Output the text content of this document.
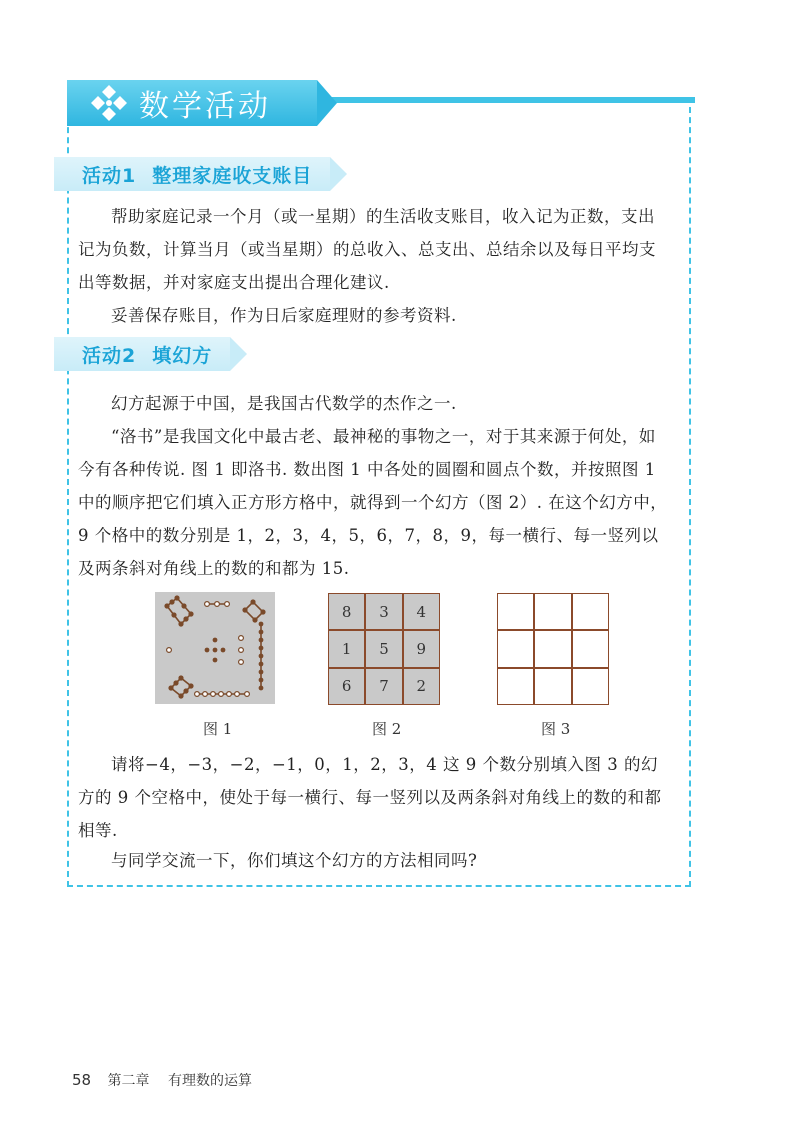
数学活动
活动1 整理家庭收支账目

帮助家庭记录一个月（或一星期）的生活收支账目，收入记为正数，支出记为负数，计算当月（或当星期）的总收入、总支出、总结余以及每日平均支出等数据，并对家庭支出提出合理化建议.

妥善保存账目，作为日后家庭理财的参考资料.

活动2 填幻方

幻方起源于中国，是我国古代数学的杰作之一.

“洛书”是我国文化中最古老、最神秘的事物之一，对于其来源于何处，如今有各种传说. 图 1 即洛书. 数出图 1 中各处的圆圈和圆点个数，并按照图 1 中的顺序把它们填入正方形方格中，就得到一个幻方（图 2）. 在这个幻方中，9 个格中的数分别是 1，2，3，4，5，6，7，8，9，每一横行、每一竖列以及两条斜对角线上的数的和都为 15.

图 1
8	3	4
1	5	9
6	7	2
图 2	图 3

请将−4，−3，−2，−1，0，1，2，3，4 这 9 个数分别填入图 3 的幻方的 9 个空格中，使处于每一横行、每一竖列以及两条斜对角线上的数的和都相等.

与同学交流一下，你们填这个幻方的方法相同吗?

58 第二章 有理数的运算
